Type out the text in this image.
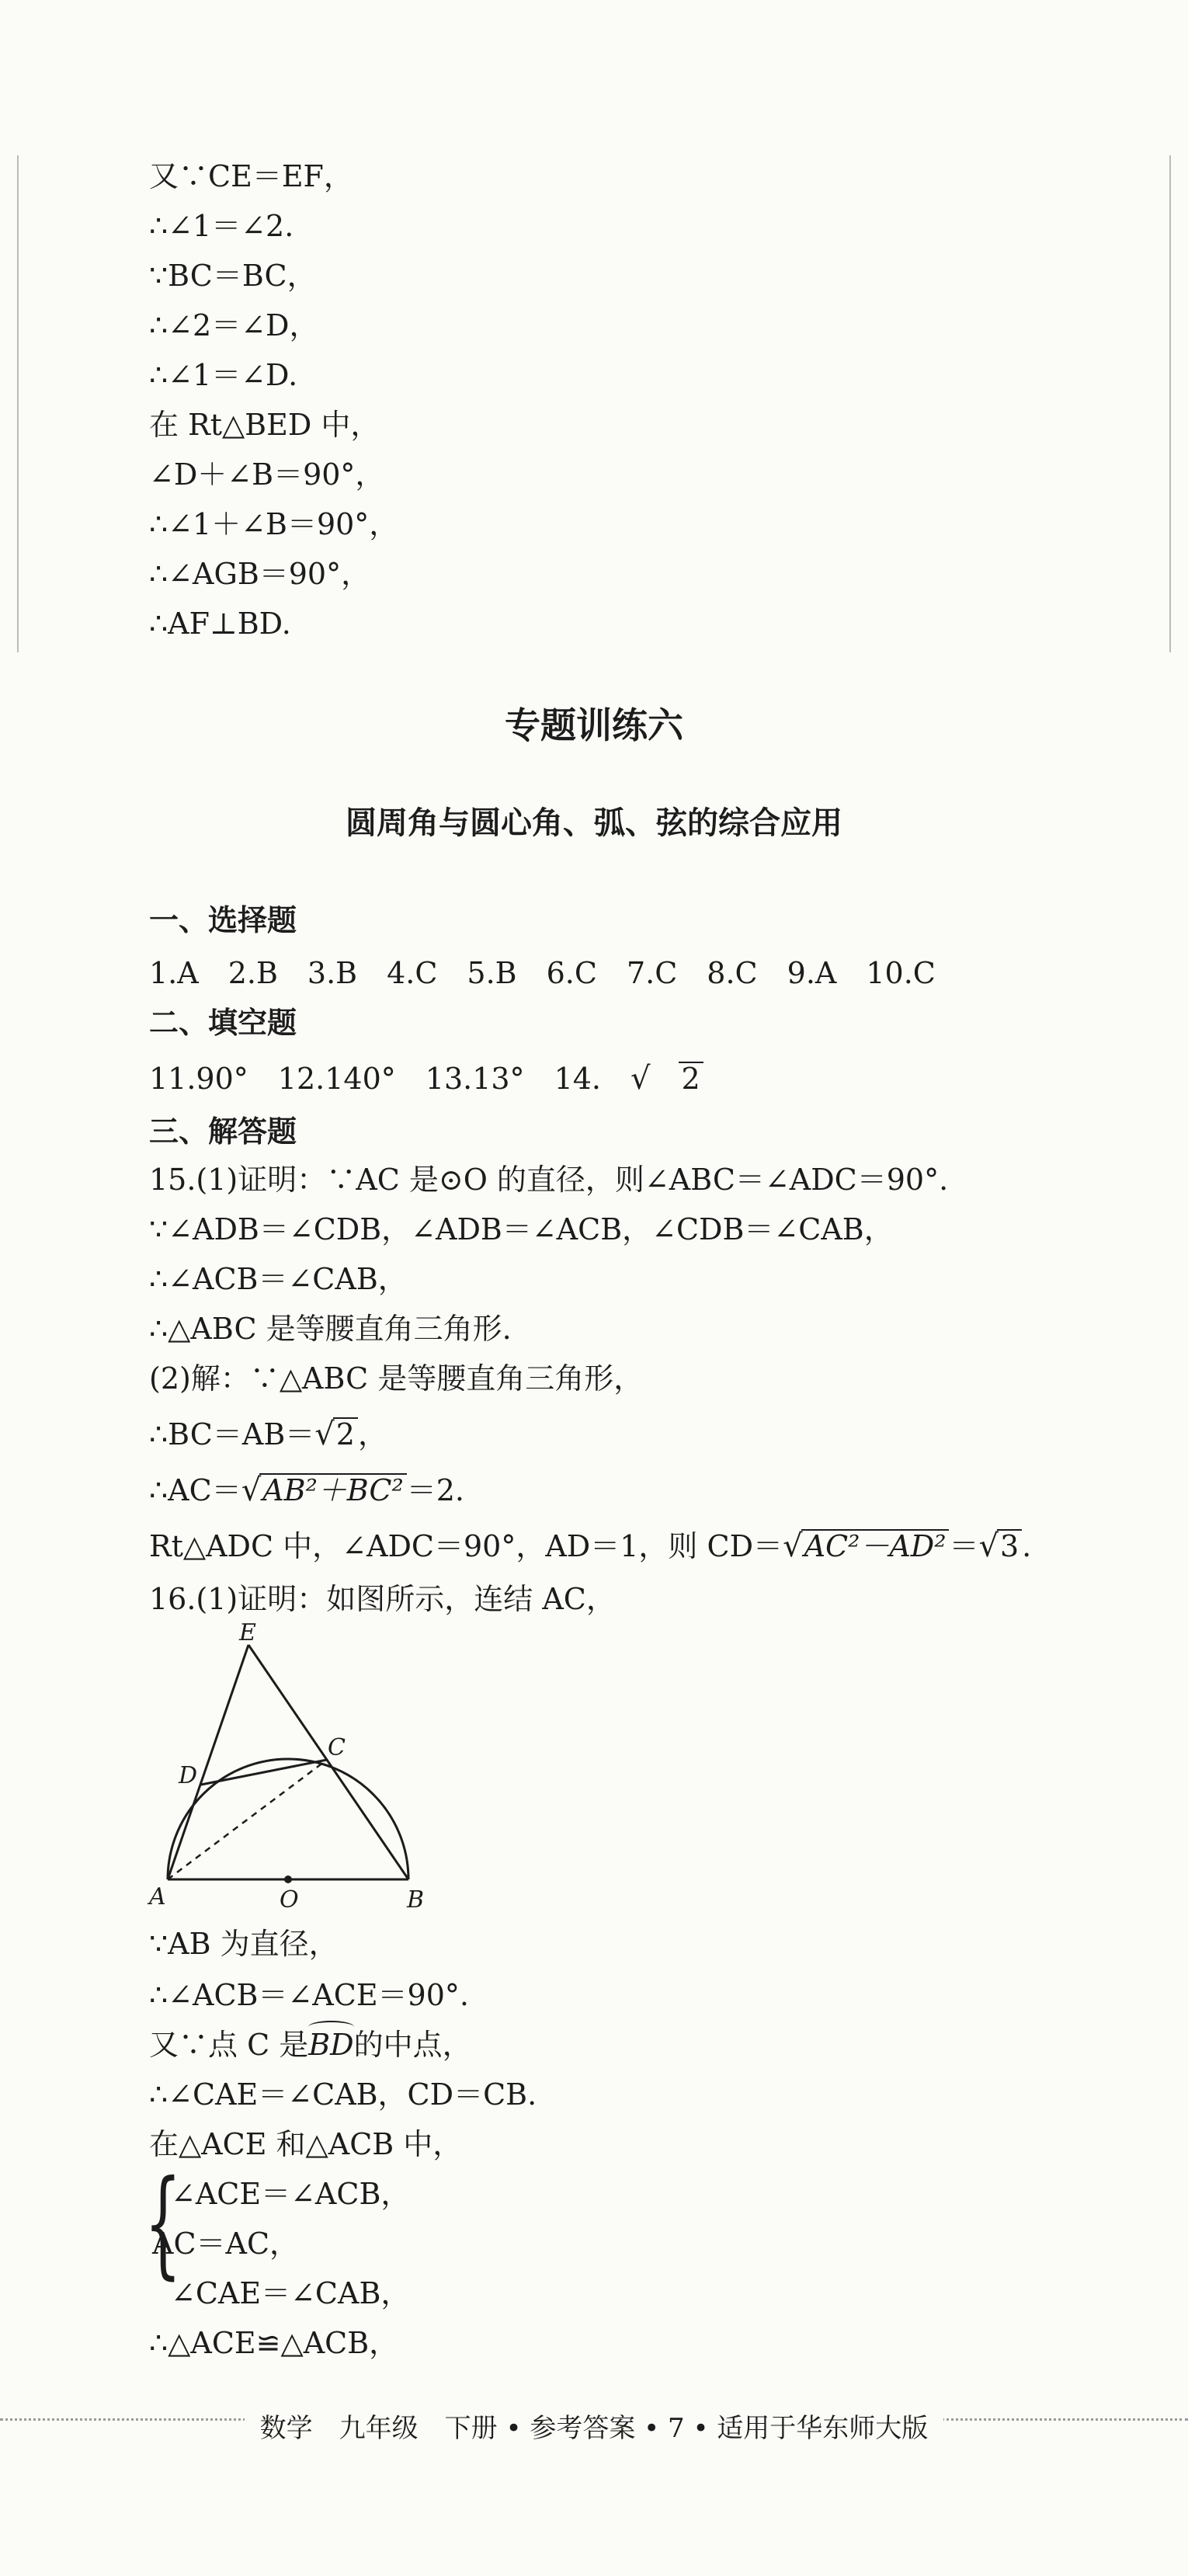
又∵CE＝EF，
∴∠1＝∠2.
∵BC＝BC，
∴∠2＝∠D，
∴∠1＝∠D.
在 Rt△BED 中，
∠D＋∠B＝90°，
∴∠1＋∠B＝90°，
∴∠AGB＝90°，
∴AF⊥BD.
专题训练六
圆周角与圆心角、弧、弦的综合应用
一、选择题
1.A 2.B 3.B 4.C 5.B 6.C 7.C 8.C 9.A 10.C
二、填空题
11.90° 12.140° 13.13° 14. √ 2
三、解答题
15.(1)证明：∵AC 是⊙O 的直径，则∠ABC＝∠ADC＝90°.
∵∠ADB＝∠CDB，∠ADB＝∠ACB，∠CDB＝∠CAB，
∴∠ACB＝∠CAB，
∴△ABC 是等腰直角三角形.
(2)解：∵△ABC 是等腰直角三角形，
∴BC＝AB＝√2 ，
∴AC＝√AB²＋BC² ＝2.
Rt△ADC 中，∠ADC＝90°，AD＝1，则 CD＝√AC²－AD² ＝√3 .
16.(1)证明：如图所示，连结 AC，
E
C
D
A	O	B
∵AB 为直径，
∴∠ACB＝∠ACE＝90°.
又∵点 C 是BD的中点，
∴∠CAE＝∠CAB，CD＝CB.
在△ACE 和△ACB 中，
{
∠ACE＝∠ACB，
AC＝AC，
∠CAE＝∠CAB，
∴△ACE≌△ACB，
数学　九年级　下册 • 参考答案 • 7 • 适用于华东师大版
